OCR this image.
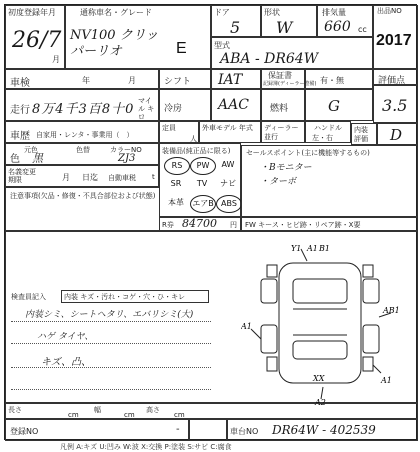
初度登録年月
26/7
月
通称車名・グレード
NV100 クリッパーリオ	E
ドア
5
形状
W
排気量
660 cc
型式
ABA - DR64W
出品NO
2017
車検	年	月	シフト IAT	保証書
記録簿(ディーラー整備) 有・無	評価点
3.5
走行 8万4千3百8十0
マイル キロ
冷房	AAC 燃料	G
車歴 自家用・レンタ・事業用（　）
定員
人
外車モデル 年式 ディーラー 並行
ハンドル
左・右
内装 評価	D
色
元色
黒
色替	カラーNO
ZJ3
名義変更期限	月 日迄 自動車税 t
装備品(純正品に限る)
RS	PW	AW
SR	TV	ナビ
本革	エアB ABS
R券 84700 円
セールスポイント(主に機能等するもの)
・Bモニター
・ターボ
FW キース・ヒビ跡・リペア跡・X要
注意事項(欠品・修復・不具合部位および状態)
検査員記入	内装 キズ・汚れ・コゲ・穴・ひ・キレ
内装シミ、シートヘタリ、エバリシミ(大)
ハゲ タイヤ、
キズ、凸、
Y1 A1 B1
A1
AB1
A1
XX
A2
長さ
cm
幅
cm
高さ
cm
登録NO	-	車台NO DR64W - 402539
凡例 A:キズ U:凹み W:波 X:交換 P:塗装 S:サビ C:腐食
